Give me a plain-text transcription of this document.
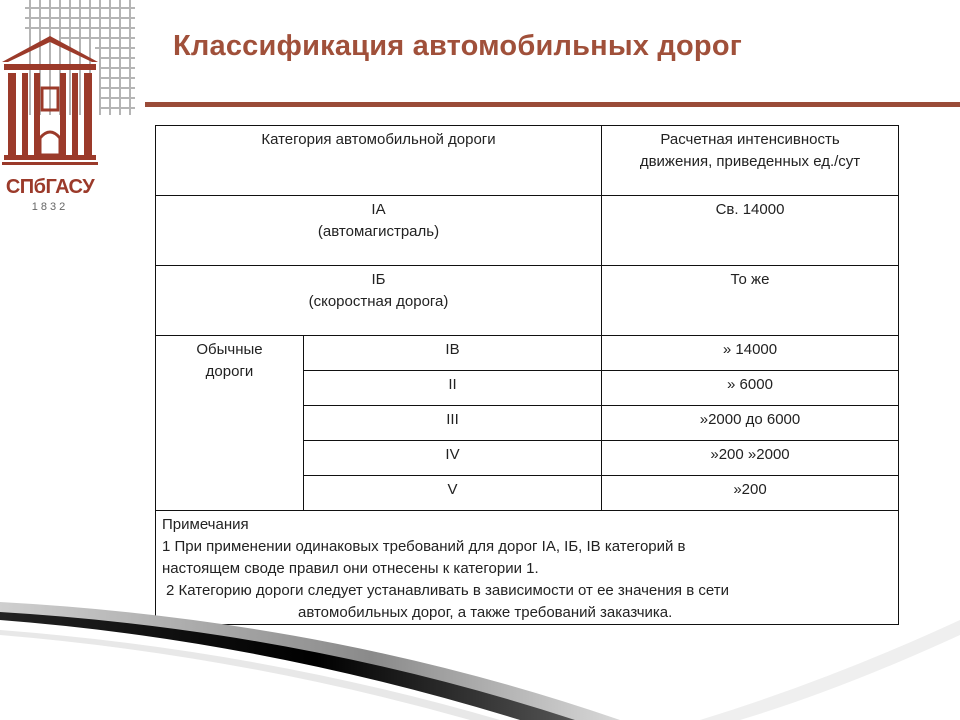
СПбГАСУ
1832
Классификация автомобильных дорог
Категория автомобильной дороги		Расчетная интенсивность
движения, приведенных ед./сут

IA
(автомагистраль)		Св. 14000

IБ
(скоростная дорога)		То же

Обычные
дороги	IВ	» 14000
	II	» 6000
	III	»2000 до 6000
	IV	»200 »2000
	V	»200

Примечания
1 При применении одинаковых требований для дорог IA, IБ, IВ категорий в
настоящем своде правил они отнесены к категории 1.
2 Категорию дороги следует устанавливать в зависимости от ее значения в сети
автомобильных дорог, а также требований заказчика.		
